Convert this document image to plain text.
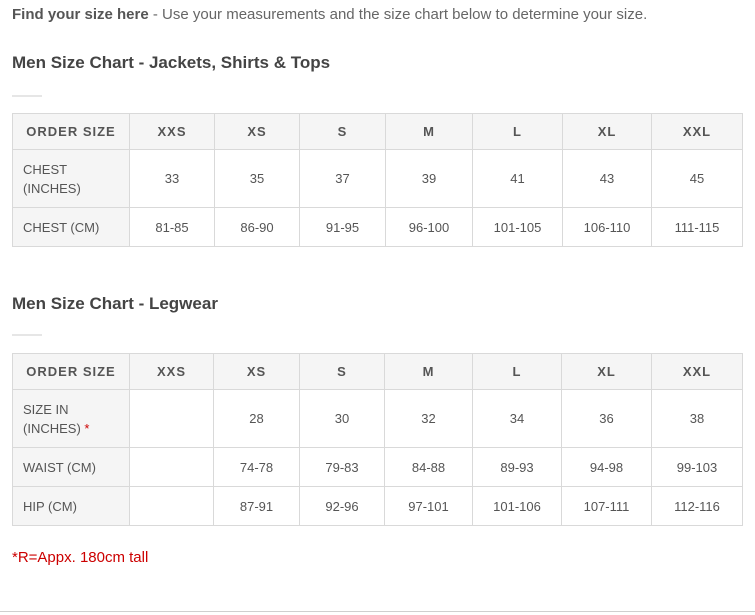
Find your size here - Use your measurements and the size chart below to determine your size.
Men Size Chart - Jackets, Shirts & Tops
ORDER SIZE	XXS	XS	S	M	L	XL	XXL
CHEST (INCHES)	33	35	37	39	41	43	45
CHEST (CM)	81-85	86-90	91-95	96-100	101-105	106-110	111-115
Men Size Chart - Legwear
ORDER SIZE	XXS	XS	S	M	L	XL	XXL
SIZE IN (INCHES) *		28	30	32	34	36	38
WAIST (CM)		74-78	79-83	84-88	89-93	94-98	99-103
HIP (CM)		87-91	92-96	97-101	101-106	107-111	112-116
*R=Appx. 180cm tall
